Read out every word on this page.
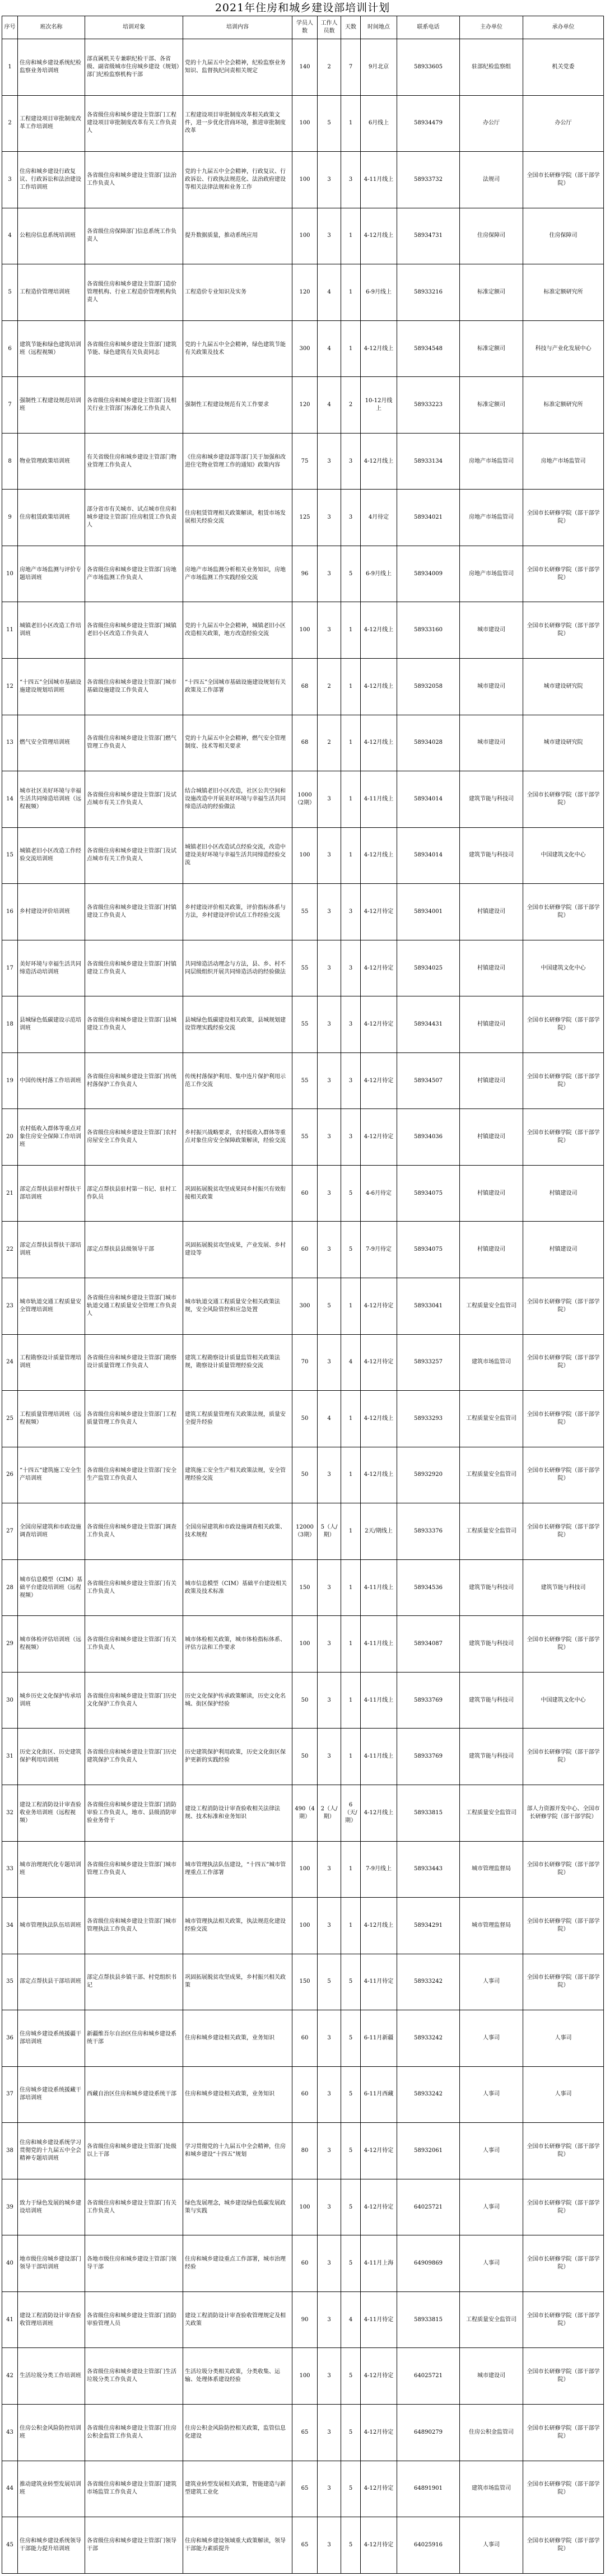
2021年住房和城乡建设部培训计划
序号	班次名称	培训对象	培训内容	学员人数	工作人员数	天数	时间地点	联系电话	主办单位	承办单位
1	住房和城乡建设系统纪检监察业务培训班	部直属机关专兼职纪检干部、各省级、副省级城市住房城乡建设（规划）部门纪检监察机构干部	党的十九届五中全会精神，纪检监察业务知识、监督执纪问责相关规定	140	2	7	9月北京	58933605	驻部纪检监察组	机关党委
2	工程建设项目审批制度改革工作培训班	各省级住房和城乡建设主管部门工程建设项目审批制度改革有关工作负责人	工程建设项目审批制度改革相关政策文件，进一步优化营商环境，推进审批制度改革	100	5	1	6月线上	58934479	办公厅	办公厅
3	住房和城乡建设行政复议、行政诉讼和法治建设工作培训班	各省级住房和城乡建设主管部门法治工作负责人	党的十九届五中全会精神，行政复议、行政诉讼、行政执法规范化、法治政府建设等相关法律法规和业务工作	100	3	3	4-11月线上	58933732	法规司	全国市长研修学院（部干部学院）
4	公租房信息系统培训班	各省级住房保障部门信息系统工作负责人	提升数据质量，推动系统应用	100	3	1	4-12月线上	58934731	住房保障司	住房保障司
5	工程造价管理培训班	各省级住房和城乡建设主管部门造价管理机构、行业工程造价管理机构负责人	工程造价专业知识及实务	120	4	1	6-9月线上	58933216	标准定额司	标准定额研究所
6	建筑节能和绿色建筑培训班（远程视频）	各省级住房和城乡建设主管部门建筑节能、绿色建筑有关负责同志	党的十九届五中全会精神，绿色建筑节能有关政策及技术	300	4	1	4-12月线上	58934548	标准定额司	科技与产业化发展中心
7	强制性工程建设规范培训班	各省级住房和城乡建设主管部门及相关行业主管部门标准化工作负责人	强制性工程建设规范有关工作要求	120	4	2	10-12月线上	58933223	标准定额司	标准定额研究所
8	物业管理政策培训班	有关省级住房和城乡建设主管部门物业管理工作负责人	《住房和城乡建设部等部门关于加强和改进住宅物业管理工作的通知》政策内容	75	3	3	4-12月线上	58933134	房地产市场监管司	房地产市场监管司
9	住房租赁政策培训班	部分省市有关城市、试点城市住房和城乡建设主管部门住房租赁工作负责人	住房租赁管理相关政策解读，租赁市场发展相关经验交流	125	3	3	4月待定	58934021	房地产市场监管司	全国市长研修学院（部干部学院）
10	房地产市场监测与评价专题培训班	各省级住房和城乡建设主管部门房地产市场监测工作负责人	房地产市场监测分析相关业务知识，房地产市场监测工作实践经验交流	96	3	5	6-9月线上	58934009	房地产市场监管司	全国市长研修学院（部干部学院）
11	城镇老旧小区改造工作培训班	各省级住房和城乡建设主管部门城镇老旧小区改造工作负责人	党的十九届五中全会精神，城镇老旧小区改造相关政策，地方改造经验交流	100	3	1	4-12月线上	58933160	城市建设司	全国市长研修学院（部干部学院）
12	“十四五”全国城市基础设施建设规划培训班	各省级住房和城乡建设主管部门城市基础设施建设工作负责人	“十四五”全国城市基础设施建设规划有关政策及工作部署	68	2	1	4-12月线上	58932058	城市建设司	城市建设研究院
13	燃气安全管理培训班	各省级住房和城乡建设主管部门燃气管理工作负责人	党的十九届五中全会精神，燃气安全管理制度、技术等相关要求	68	2	1	4-12月线上	58934028	城市建设司	城市建设研究院
14	城市社区美好环境与幸福生活共同缔造培训班（远程视频）	各省级住房和城乡建设主管部门及试点城市有关工作负责人	结合城镇老旧小区改造，社区公共空间和设施改造中开展美好环境与幸福生活共同缔造活动的经验做法	1000（2期）	3	1	4-11月线上	58934014	建筑节能与科技司	全国市长研修学院（部干部学院）
15	城镇老旧小区改造工作经验交流培训班	各省级住房和城乡建设主管部门及试点城市有关工作负责人	城镇老旧小区改造试点经验交流，改造中建设美好环境与幸福生活共同缔造经验交流	100	3	1	4-12月线上	58934014	建筑节能与科技司	中国建筑文化中心
16	乡村建设评价培训班	各省级住房和城乡建设主管部门村镇建设工作负责人	乡村建设评价相关政策，评价指标体系与方法，乡村建设评价试点工作经验交流	55	3	3	4-12月待定	58934001	村镇建设司	全国市长研修学院（部干部学院）
17	美好环境与幸福生活共同缔造活动培训班	各省级住房和城乡建设主管部门村镇建设工作负责人	共同缔造活动理念与方法，县、乡、村不同层级组织开展共同缔造活动的经验做法	55	3	3	4-12月待定	58934025	村镇建设司	中国建筑文化中心
18	县城绿色低碳建设示范培训班	各省级住房和城乡建设主管部门县城建设工作负责人	县城绿色低碳建设相关政策，县城规划建设管理实践经验交流	55	3	3	4-12月待定	58934431	村镇建设司	全国市长研修学院（部干部学院）
19	中国传统村落工作培训班	各省级住房和城乡建设主管部门传统村落保护工作负责人	传统村落保护利用、集中连片保护利用示范工作交流	55	3	3	4-12月待定	58934507	村镇建设司	全国市长研修学院（部干部学院）
20	农村低收入群体等重点对象住房安全保障工作培训班	各省级住房和城乡建设主管部门农村房屋安全工作负责人	乡村振兴战略要求，农村低收入群体等重点对象住房安全保障政策解读，经验交流	55	3	3	4-12月待定	58934036	村镇建设司	全国市长研修学院（部干部学院）
21	部定点帮扶县驻村帮扶干部培训班	部定点帮扶县驻村第一书记、驻村工作队员	巩固拓展脱贫攻坚成果同乡村振兴有效衔接相关政策	60	3	5	4-6月待定	58934075	村镇建设司	村镇建设司
22	部定点帮扶县帮扶干部培训班	部定点帮扶县县级领导干部	巩固拓展脱贫攻坚成果，产业发展、乡村建设等	60	3	5	7-9月待定	58934075	村镇建设司	村镇建设司
23	城市轨道交通工程质量安全管理培训班	各省级住房和城乡建设主管部门城市轨道交通工程质量安全管理工作负责人	城市轨道交通工程质量安全相关政策法规，安全风险管控和应急处置	300	5	1	4-12月待定	58933041	工程质量安全监管司	全国市长研修学院（部干部学院）
24	工程勘察设计质量管理培训班	各省级住房和城乡建设主管部门勘察设计质量管理工作负责人	建筑工程勘察设计质量监管相关政策法规，勘察设计质量管理经验交流	70	3	4	4-12月待定	58933257	建筑市场监管司	全国市长研修学院（部干部学院）
25	工程质量管理培训班（远程视频）	各省级住房和城乡建设主管部门工程质量管理工作负责人	建筑工程质量管理有关政策法规，质量安全提升经验	50	4	1	4-12月线上	58933293	工程质量安全监管司	全国市长研修学院（部干部学院）
26	“十四五”建筑施工安全生产培训班	各省级住房和城乡建设主管部门安全生产监管工作负责人	建筑施工安全生产相关政策法规，安全管理经验交流	50	3	1	4-12月线上	58932920	工程质量安全监管司	全国市长研修学院（部干部学院）
27	全国房屋建筑和市政设施调查培训班	各省级住房和城乡建设主管部门调查工作负责人	全国房屋建筑和市政设施调查相关政策、技术规程	12000（3期）	5（人/期）	1	2天/期线上	58933376	工程质量安全监管司	全国市长研修学院（部干部学院）
28	城市信息模型（CIM）基础平台建设培训班（远程视频）	各省级住房和城乡建设主管部门有关工作负责人	城市信息模型（CIM）基础平台建设相关政策及技术标准	150	3	1	4-11月线上	58934536	建筑节能与科技司	建筑节能与科技司
29	城市体检评估培训班（远程视频）	各省级住房和城乡建设主管部门有关工作负责人	城市体检相关政策，城市体检指标体系、评估方法和工作要求	100	3	1	4-11月线上	58934087	建筑节能与科技司	全国市长研修学院（部干部学院）
30	城乡历史文化保护传承培训班	各省级住房和城乡建设主管部门历史文化保护工作负责人	历史文化保护传承政策解读，历史文化名城、街区保护经验	50	3	1	4-11月线上	58933769	建筑节能与科技司	中国建筑文化中心
31	历史文化街区、历史建筑保护利用培训班	各省级住房和城乡建设主管部门历史建筑保护工作负责人	历史建筑保护利用政策，历史文化街区保护更新的实践经验	50	3	1	4-11月线上	58933769	建筑节能与科技司	全国市长研修学院（部干部学院）
32	建设工程消防设计审查验收业务培训班（远程视频）	各省级住房和城乡建设主管部门消防审验工作负责人，地市、县级消防审验业务骨干	建设工程消防设计审查验收相关法律法规、技术标准和业务知识	490（4期）	2（人/期）	6（天/期）	4-12月线上	58933815	工程质量安全监管司	部人力资源开发中心、全国市长研修学院（部干部学院）
33	城市治理现代化专题培训班	各省级住房和城乡建设主管部门城市管理工作负责人	城市管理执法队伍建设，“十四五”城市管理重点工作部署	100	3	1	7-9月线上	58933443	城市管理监督局	全国市长研修学院（部干部学院）
34	城市管理执法队伍培训班	各省级住房和城乡建设主管部门城市管理执法工作负责人	城市管理执法相关政策，执法规范化建设经验交流	100	3	1	4-12月线上	58934291	城市管理监督局	全国市长研修学院（部干部学院）
35	部定点帮扶县干部培训班	部定点帮扶县乡镇干部、村党组织书记	巩固拓展脱贫攻坚成果，乡村振兴相关政策	150	5	5	4-11月待定	58933242	人事司	全国市长研修学院（部干部学院）
36	住房城乡建设系统援疆干部培训班	新疆维吾尔自治区住房和城乡建设系统干部	住房和城乡建设相关政策，业务知识	60	3	5	6-11月新疆	58933242	人事司	人事司
37	住房城乡建设系统援藏干部培训班	西藏自治区住房和城乡建设系统干部	住房和城乡建设相关政策，业务知识	60	3	5	6-11月西藏	58933242	人事司	人事司
38	住房和城乡建设系统学习贯彻党的十九届五中全会精神专题培训班	各省级住房和城乡建设主管部门处级以上干部	学习贯彻党的十九届五中全会精神，住房和城乡建设“十四五”规划	80	3	5	4-12月待定	58932061	人事司	全国市长研修学院（部干部学院）
39	致力于绿色发展的城乡建设培训班	各省级住房和城乡建设主管部门有关工作负责人	绿色发展理念，城乡建设绿色低碳发展政策与实践	100	3	5	4-12月待定	64025721	人事司	全国市长研修学院（部干部学院）
40	地市级住房城乡建设部门领导干部培训班	各地市级住房和城乡建设主管部门领导干部	住房和城乡建设重点工作部署，城市治理经验	60	3	5	4-11月上海	64909869	人事司	全国市长研修学院（部干部学院）
41	建设工程消防设计审查验收管理培训班	各省级住房和城乡建设主管部门消防审验管理人员	建设工程消防设计审查验收管理规定及相关政策	90	3	4	4-11月待定	58933815	工程质量安全监管司	全国市长研修学院（部干部学院）
42	生活垃圾分类工作培训班	各省级住房和城乡建设主管部门生活垃圾分类工作负责人	生活垃圾分类相关政策，分类收集、运输、处理体系建设经验	100	3	5	4-12月待定	64025721	城市建设司	全国市长研修学院（部干部学院）
43	住房公积金风险防控培训班	各省级住房和城乡建设主管部门住房公积金监管工作负责人	住房公积金风险防控相关政策，监管信息化建设	65	3	5	4-12月待定	64890279	住房公积金监管司	全国市长研修学院（部干部学院）
44	推动建筑业转型发展培训班	各省级住房和城乡建设主管部门建筑市场监管工作负责人	建筑业转型发展相关政策，智能建造与新型建筑工业化	65	3	5	4-12月待定	64891901	建筑市场监管司	全国市长研修学院（部干部学院）
45	住房和城乡建设系统领导干部能力提升培训班	各省级住房和城乡建设主管部门领导干部	住房和城乡建设领域重大政策解读，领导干部能力素质提升	65	3	5	4-12月待定	64025916	人事司	全国市长研修学院（部干部学院）
